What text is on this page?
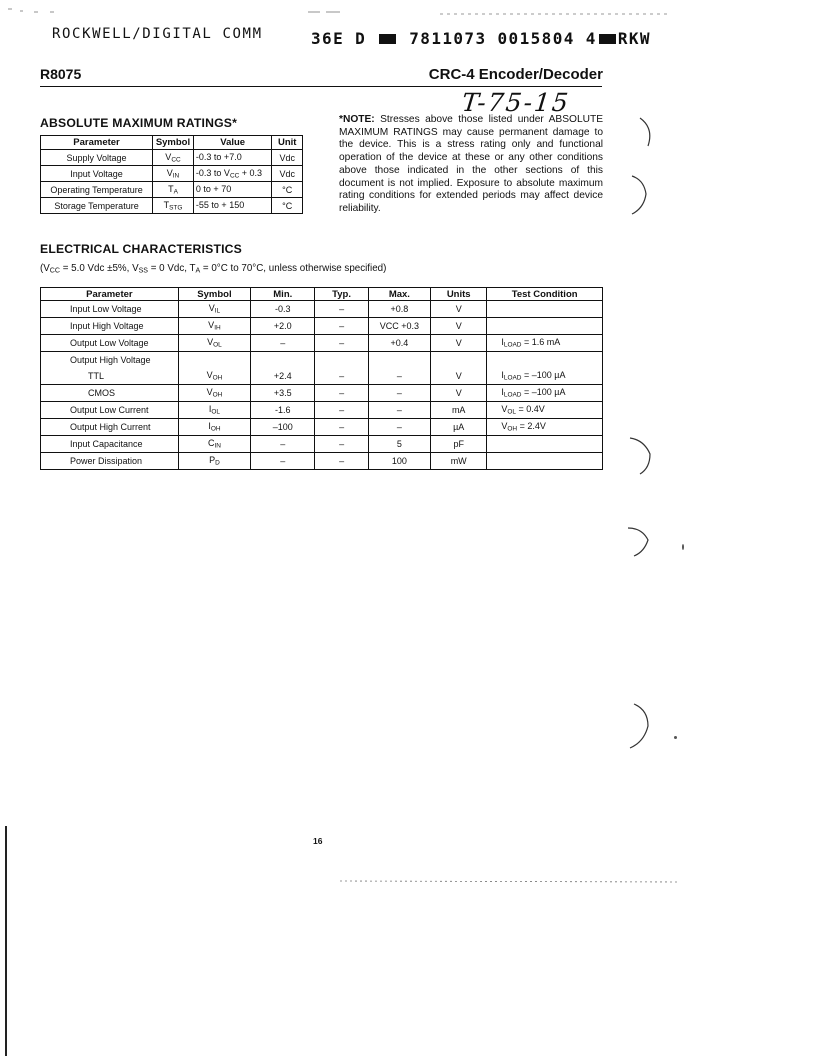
ROCKWELL/DIGITAL COMM	36E D	7811073 0015804 4 RKW
R8075	CRC-4 Encoder/Decoder
T-75-15
ABSOLUTE MAXIMUM RATINGS*
Parameter	Symbol	Value	Unit
Supply Voltage	VCC	-0.3 to +7.0	Vdc
Input Voltage	VIN	-0.3 to VCC + 0.3	Vdc
Operating Temperature	TA	0 to + 70	°C
Storage Temperature	TSTG	-55 to + 150	°C
*NOTE: Stresses above those listed under ABSOLUTE MAXIMUM RATINGS may cause permanent damage to the device. This is a stress rating only and functional operation of the device at these or any other conditions above those indicated in the other sections of this document is not implied. Exposure to absolute maximum rating conditions for extended periods may affect device reliability.
ELECTRICAL CHARACTERISTICS
($V_{CC} = 5.0$ Vdc ±5%, $V_{SS} = 0$ Vdc, $T_A = 0^\circ C$ to 70°C, unless otherwise specified)
Parameter	Symbol	Min.	Typ.	Max.	Units	Test Condition
Input Low Voltage	VIL	-0.3	–	+0.8	V	
Input High Voltage	VIH	+2.0	–	VCC +0.3	V	
Output Low Voltage	VOL	–	–	+0.4	V	ILOAD = 1.6 mA
Output High Voltage						
TTL	VOH	+2.4	–	–	V	ILOAD = –100 µA
CMOS	VOH	+3.5	–	–	V	ILOAD = –100 µA
Output Low Current	IOL	-1.6	–	–	mA	VOL = 0.4V
Output High Current	IOH	–100	–	–	µA	VOH = 2.4V
Input Capacitance	CIN	–	–	5	pF	
Power Dissipation	PD	–	–	100	mW	
16
